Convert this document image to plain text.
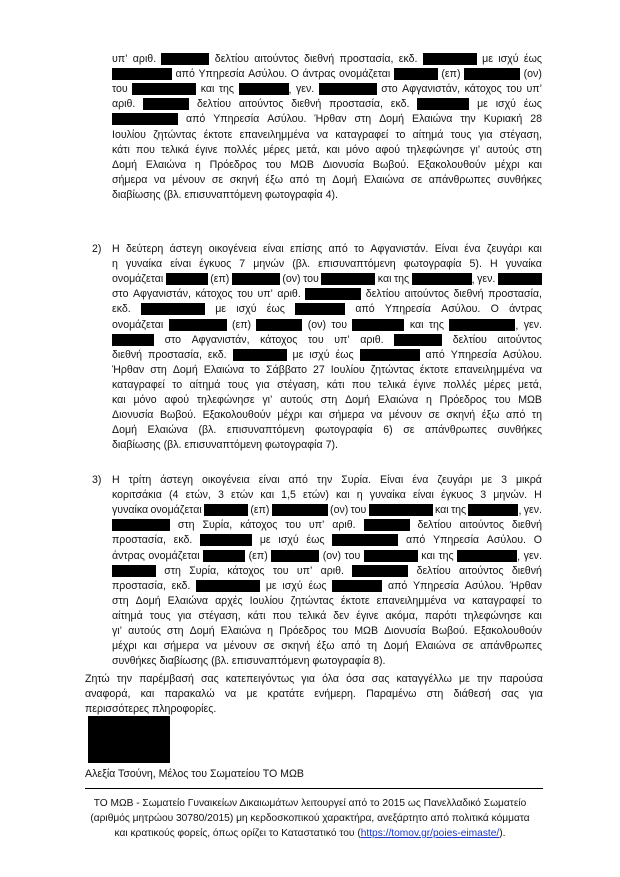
υπ’ αριθ.	δελτίου αιτούντος διεθνή προστασία, εκδ.	με ισχύ έως
από Υπηρεσία Ασύλου. Ο άντρας ονομάζεται	(επ)	(ον)
του	και της	, γεν.	στο Αφγανιστάν, κάτοχος του υπ’
αριθ.	δελτίου αιτούντος διεθνή προστασία, εκδ.	με ισχύ έως
από Υπηρεσία Ασύλου. Ήρθαν στη Δομή Ελαιώνα την Κυριακή 28
Ιουλίου ζητώντας έκτοτε επανειλημμένα να καταγραφεί το αίτημά τους για στέγαση,
κάτι που τελικά έγινε πολλές μέρες μετά, και μόνο αφού τηλεφώνησε γι’ αυτούς στη
Δομή Ελαιώνα η Πρόεδρος του ΜΩΒ Διονυσία Βωβού. Εξακολουθούν μέχρι και
σήμερα να μένουν σε σκηνή έξω από τη Δομή Ελαιώνα σε απάνθρωπες συνθήκες
διαβίωσης (βλ. επισυναπτόμενη φωτογραφία 4).
2) Η δεύτερη άστεγη οικογένεια είναι επίσης από το Αφγανιστάν. Είναι ένα ζευγάρι και
η γυναίκα είναι έγκυος 7 μηνών (βλ. επισυναπτόμενη φωτογραφία 5). Η γυναίκα
ονομάζεται	(επ)	(ον) του	και της	, γεν.
στο Αφγανιστάν, κάτοχος του υπ’ αριθ.	δελτίου αιτούντος διεθνή προστασία,
εκδ.	με ισχύ έως	από Υπηρεσία Ασύλου. Ο άντρας
ονομάζεται	(επ)	(ον) του	και της	, γεν.
στο Αφγανιστάν, κάτοχος του υπ’ αριθ.	δελτίου αιτούντος
διεθνή προστασία, εκδ.	με ισχύ έως	από Υπηρεσία Ασύλου.
Ήρθαν στη Δομή Ελαιώνα το Σάββατο 27 Ιουλίου ζητώντας έκτοτε επανειλημμένα να
καταγραφεί το αίτημά τους για στέγαση, κάτι που τελικά έγινε πολλές μέρες μετά,
και μόνο αφού τηλεφώνησε γι’ αυτούς στη Δομή Ελαιώνα η Πρόεδρος του ΜΩΒ
Διονυσία Βωβού. Εξακολουθούν μέχρι και σήμερα να μένουν σε σκηνή έξω από τη
Δομή Ελαιώνα (βλ. επισυναπτόμενη φωτογραφία 6) σε απάνθρωπες συνθήκες
διαβίωσης (βλ. επισυναπτόμενη φωτογραφία 7).
3) Η τρίτη άστεγη οικογένεια είναι από την Συρία. Είναι ένα ζευγάρι με 3 μικρά
κοριτσάκια (4 ετών, 3 ετών και 1,5 ετών) και η γυναίκα είναι έγκυος 3 μηνών. Η
γυναίκα ονομάζεται	(επ)	(ον) του	και της	, γεν.
στη Συρία, κάτοχος του υπ’ αριθ.	δελτίου αιτούντος διεθνή
προστασία, εκδ.	με ισχύ έως	από Υπηρεσία Ασύλου. Ο
άντρας ονομάζεται	(επ)	(ον) του	και της	, γεν.
στη Συρία, κάτοχος του υπ’ αριθ.	δελτίου αιτούντος διεθνή
προστασία, εκδ.	με ισχύ έως	από Υπηρεσία Ασύλου. Ήρθαν
στη Δομή Ελαιώνα αρχές Ιουλίου ζητώντας έκτοτε επανειλημμένα να καταγραφεί το
αίτημά τους για στέγαση, κάτι που τελικά δεν έγινε ακόμα, παρότι τηλεφώνησε και
γι’ αυτούς στη Δομή Ελαιώνα η Πρόεδρος του ΜΩΒ Διονυσία Βωβού. Εξακολουθούν
μέχρι και σήμερα να μένουν σε σκηνή έξω από τη Δομή Ελαιώνα σε απάνθρωπες
συνθήκες διαβίωσης (βλ. επισυναπτόμενη φωτογραφία 8).
Ζητώ την παρέμβασή σας κατεπειγόντως για όλα όσα σας καταγγέλλω με την παρούσα
αναφορά, και παρακαλώ να με κρατάτε ενήμερη. Παραμένω στη διάθεσή σας για
περισσότερες πληροφορίες.
Αλεξία Τσούνη, Μέλος του Σωματείου ΤΟ ΜΩΒ
ΤΟ ΜΩΒ - Σωματείο Γυναικείων Δικαιωμάτων λειτουργεί από το 2015 ως Πανελλαδικό Σωματείο
(αριθμός μητρώου 30780/2015) μη κερδοσκοπικού χαρακτήρα, ανεξάρτητο από πολιτικά κόμματα
και κρατικούς φορείς, όπως ορίζει το Καταστατικό του (https://tomov.gr/poies-eimaste/).
